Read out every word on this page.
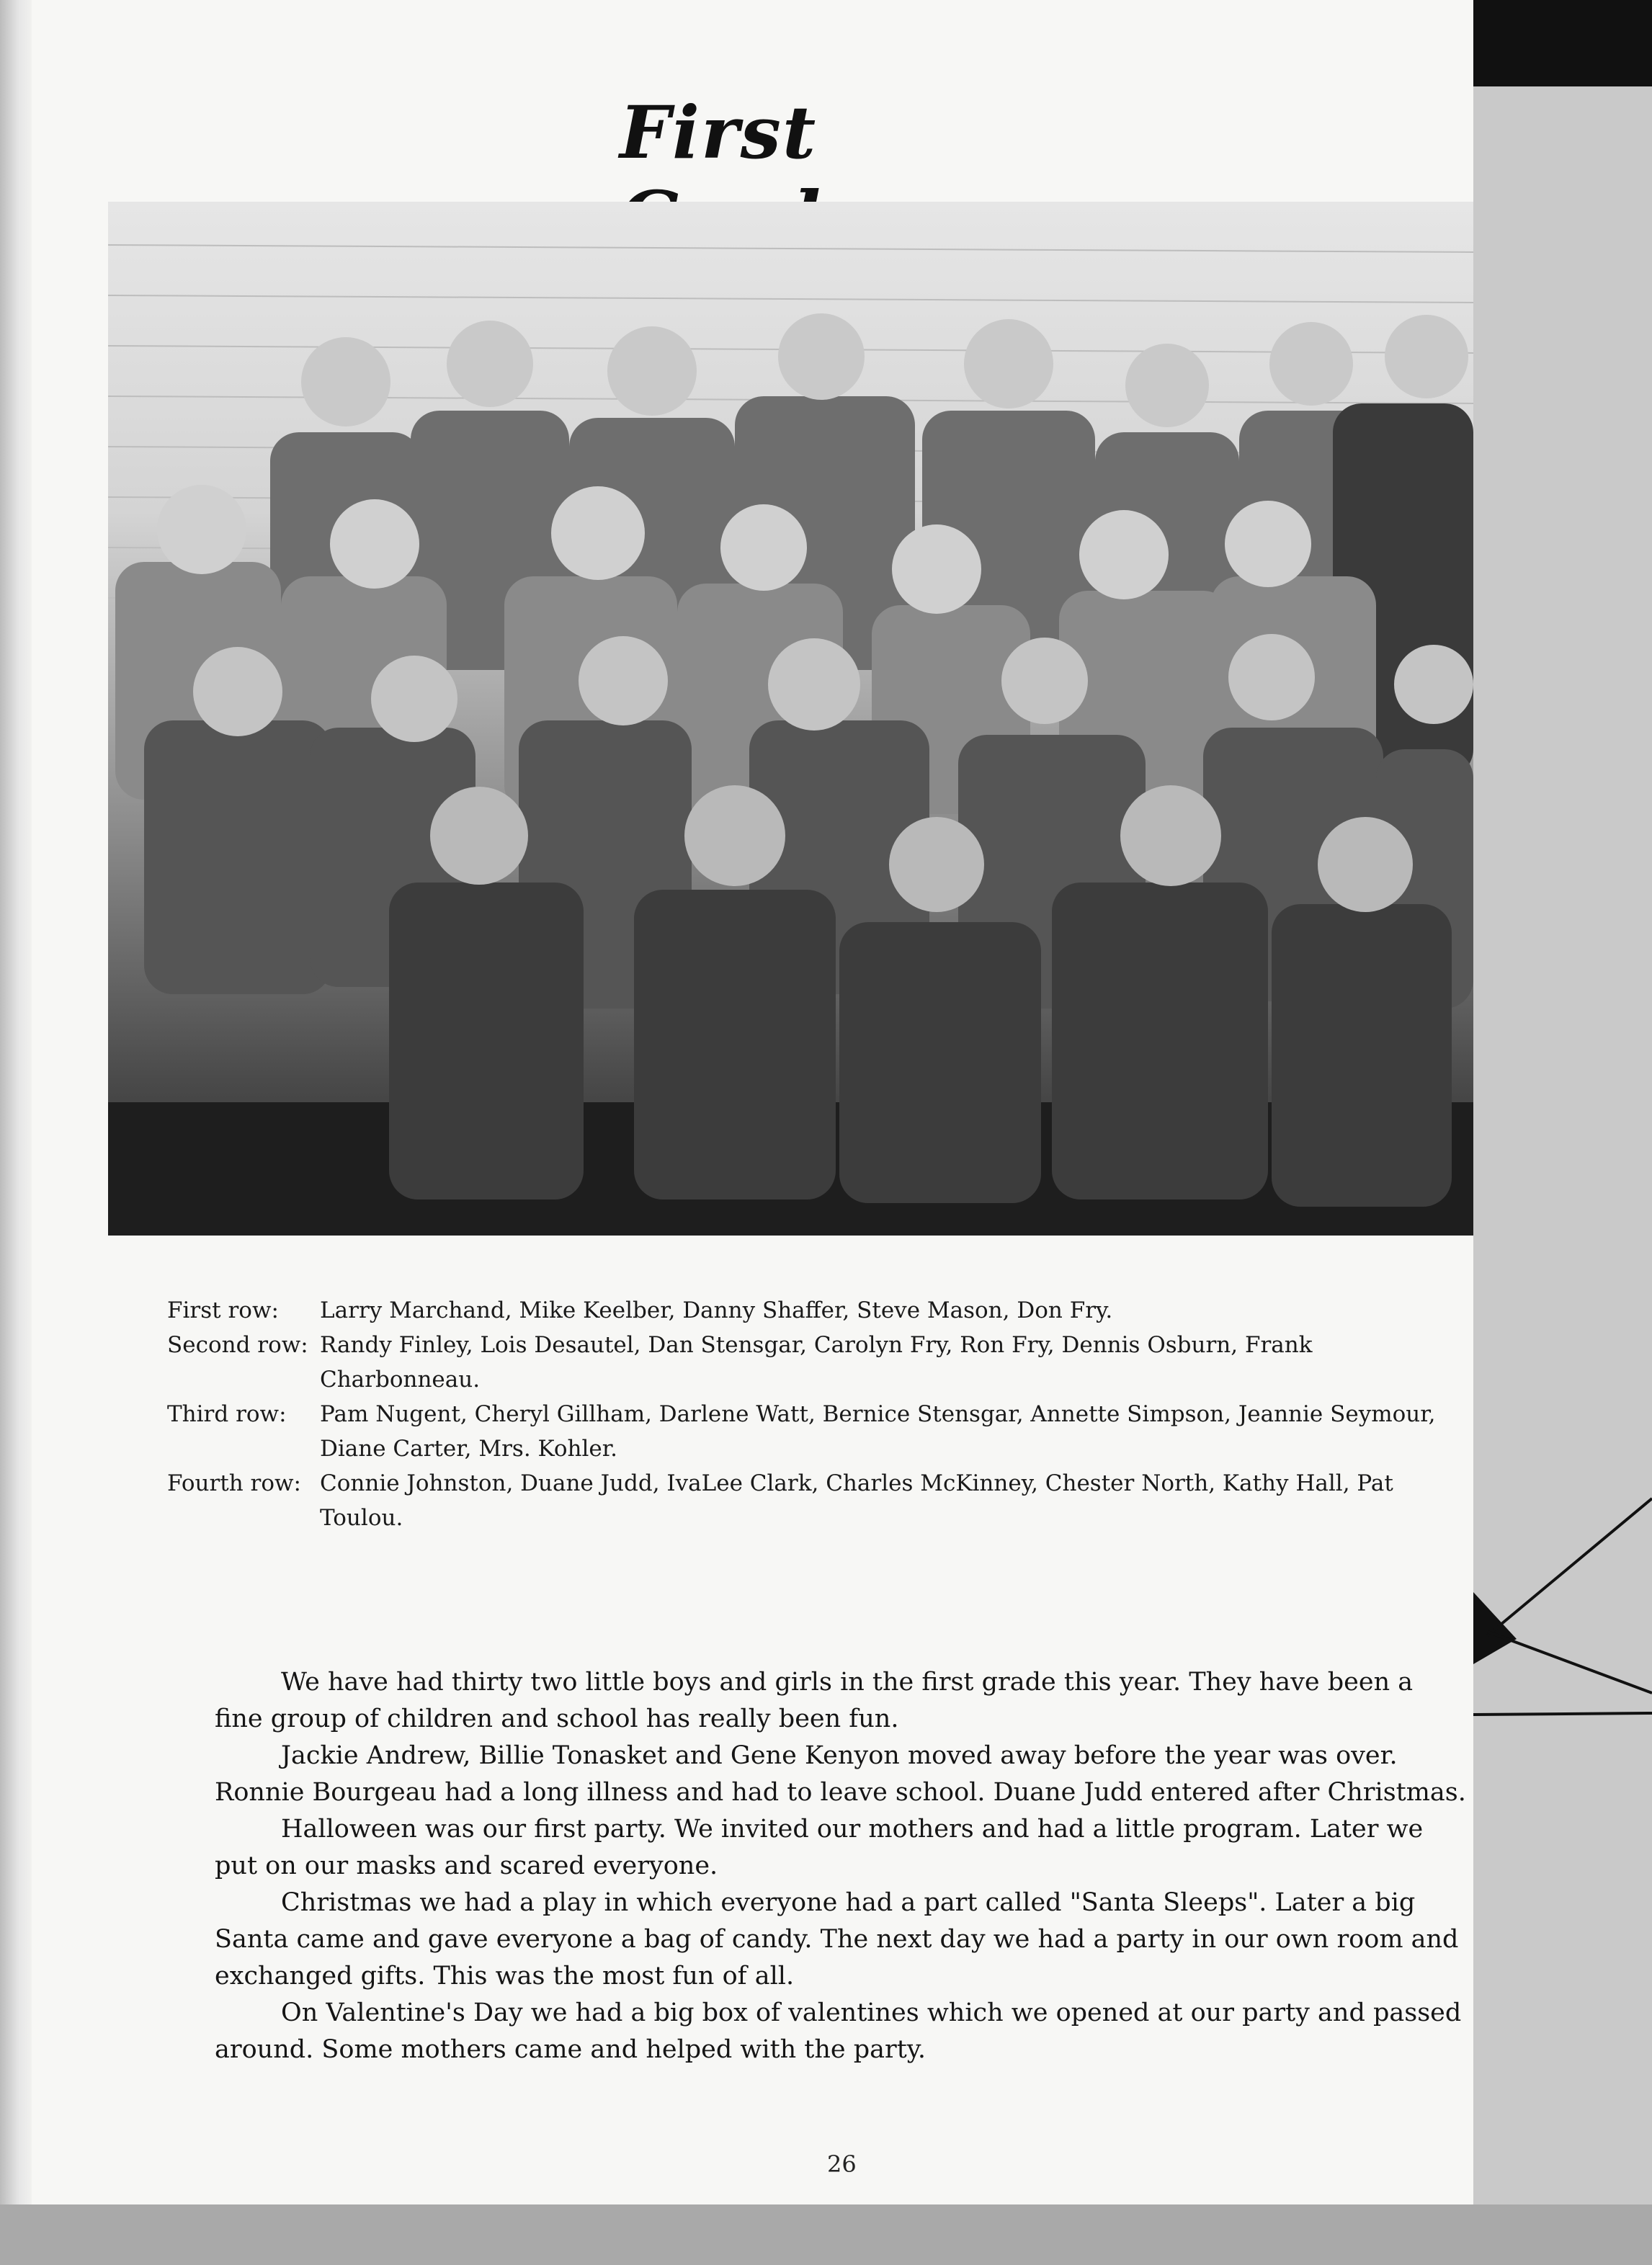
First
First row:	Larry Marchand, Mike Keelber, Danny Shaffer, Steve Mason, Don Fry.
Second row: Randy Finley, Lois Desautel, Dan Stensgar, Carolyn Fry, Ron Fry, Dennis Osburn, Frank Charbonneau.
Third row:	Pam Nugent, Cheryl Gillham, Darlene Watt, Bernice Stensgar, Annette Simpson, Jeannie Seymour, Diane Carter, Mrs. Kohler.
Fourth row: Connie Johnston, Duane Judd, IvaLee Clark, Charles McKinney, Chester North, Kathy Hall, Pat Toulou.

We have had thirty two little boys and girls in the first grade this year. They have been a fine group of children and school has really been fun.

Jackie Andrew, Billie Tonasket and Gene Kenyon moved away before the year was over. Ronnie Bourgeau had a long illness and had to leave school. Duane Judd entered after Christmas.

Halloween was our first party. We invited our mothers and had a little program. Later we put on our masks and scared everyone.

Christmas we had a play in which everyone had a part called "Santa Sleeps". Later a big Santa came and gave everyone a bag of candy. The next day we had a party in our own room and exchanged gifts. This was the most fun of all.

On Valentine's Day we had a big box of valentines which we opened at our party and passed around. Some mothers came and helped with the party.

26
